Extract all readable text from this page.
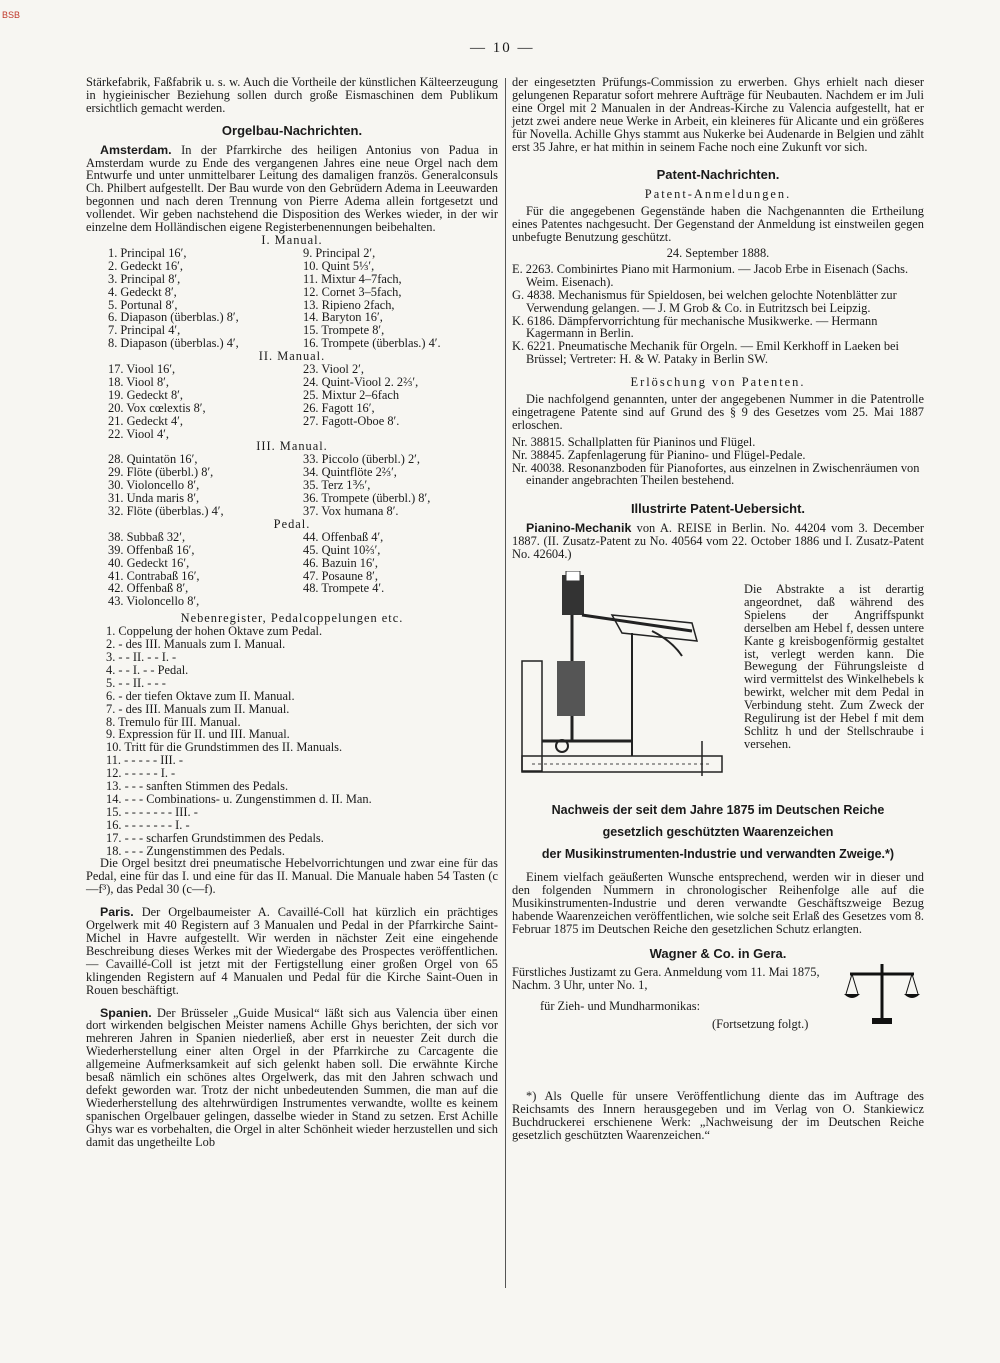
BSB
— 10 —

Stärkefabrik, Faßfabrik u. s. w. Auch die Vortheile der künstlichen Kälteerzeugung in hygieinischer Beziehung sollen durch große Eismaschinen dem Publikum ersichtlich gemacht werden.

Orgelbau-Nachrichten.

Amsterdam. In der Pfarrkirche des heiligen Antonius von Padua in Amsterdam wurde zu Ende des vergangenen Jahres eine neue Orgel nach dem Entwurfe und unter unmittelbarer Leitung des damaligen französ. Generalconsuls Ch. Philbert aufgestellt. Der Bau wurde von den Gebrüdern Adema in Leeuwarden begonnen und nach deren Trennung von Pierre Adema allein fortgesetzt und vollendet. Wir geben nachstehend die Disposition des Werkes wieder, in der wir einzelne dem Holländischen eigene Registerbenennungen beibehalten.

I. Manual.
1. Principal 16′,	9. Principal 2′,
2. Gedeckt 16′,	10. Quint 5⅓′,
3. Principal 8′,	11. Mixtur 4–7fach,
4. Gedeckt 8′,	12. Cornet 3–5fach,
5. Portunal 8′,	13. Ripieno 2fach,
6. Diapason (überblas.) 8′,	14. Baryton 16′,
7. Principal 4′,	15. Trompete 8′,
8. Diapason (überblas.) 4′,	16. Trompete (überblas.) 4′.
II. Manual.
17. Viool 16′,	23. Viool 2′,
18. Viool 8′,	24. Quint-Viool 2. 2⅔′,
19. Gedeckt 8′,	25. Mixtur 2–6fach
20. Vox cœlextis 8′,	26. Fagott 16′,
21. Gedeckt 4′,	27. Fagott-Oboe 8′.
22. Viool 4′,
III. Manual.
28. Quintatön 16′,	33. Piccolo (überbl.) 2′,
29. Flöte (überbl.) 8′,	34. Quintflöte 2⅔′,
30. Violoncello 8′,	35. Terz 1⅗′,
31. Unda maris 8′,	36. Trompete (überbl.) 8′,
32. Flöte (überblas.) 4′,	37. Vox humana 8′.
Pedal.
38. Subbaß 32′,	44. Offenbaß 4′,
39. Offenbaß 16′,	45. Quint 10⅔′,
40. Gedeckt 16′,	46. Bazuin 16′,
41. Contrabaß 16′,	47. Posaune 8′,
42. Offenbaß 8′,	48. Trompete 4′.
43. Violoncello 8′,
Nebenregister, Pedalcoppelungen etc.
1. Coppelung der hohen Oktave zum Pedal.
2. - des III. Manuals zum I. Manual.
3. - - II. - - I. -
4. - - I. - - Pedal.
5. - - II. - - -
6. - der tiefen Oktave zum II. Manual.
7. - des III. Manuals zum II. Manual.
8. Tremulo für III. Manual.
9. Expression für II. und III. Manual.
10. Tritt für die Grundstimmen des II. Manuals.
11. - - - - - III. -
12. - - - - - I. -
13. - - - sanften Stimmen des Pedals.
14. - - - Combinations- u. Zungenstimmen d. II. Man.
15. - - - - - - - III. -
16. - - - - - - - I. -
17. - - - scharfen Grundstimmen des Pedals.
18. - - - Zungenstimmen des Pedals.

Die Orgel besitzt drei pneumatische Hebelvorrichtungen und zwar eine für das Pedal, eine für das I. und eine für das II. Manual. Die Manuale haben 54 Tasten (c—f³), das Pedal 30 (c—f).

Paris. Der Orgelbaumeister A. Cavaillé-Coll hat kürzlich ein prächtiges Orgelwerk mit 40 Registern auf 3 Manualen und Pedal in der Pfarrkirche Saint-Michel in Havre aufgestellt. Wir werden in nächster Zeit eine eingehende Beschreibung dieses Werkes mit der Wiedergabe des Prospectes veröffentlichen. — Cavaillé-Coll ist jetzt mit der Fertigstellung einer großen Orgel von 65 klingenden Registern auf 4 Manualen und Pedal für die Kirche Saint-Ouen in Rouen beschäftigt.

Spanien. Der Brüsseler „Guide Musical“ läßt sich aus Valencia über einen dort wirkenden belgischen Meister namens Achille Ghys berichten, der sich vor mehreren Jahren in Spanien niederließ, aber erst in neuester Zeit durch die Wiederherstellung einer alten Orgel in der Pfarrkirche zu Carcagente die allgemeine Aufmerksamkeit auf sich gelenkt haben soll. Die erwähnte Kirche besaß nämlich ein schönes altes Orgelwerk, das mit den Jahren schwach und defekt geworden war. Trotz der nicht unbedeutenden Summen, die man auf die Wiederherstellung des altehrwürdigen Instrumentes verwandte, wollte es keinem spanischen Orgelbauer gelingen, dasselbe wieder in Stand zu setzen. Erst Achille Ghys war es vorbehalten, die Orgel in alter Schönheit wieder herzustellen und sich damit das ungetheilte Lob

der eingesetzten Prüfungs-Commission zu erwerben. Ghys erhielt nach dieser gelungenen Reparatur sofort mehrere Aufträge für Neubauten. Nachdem er im Juli eine Orgel mit 2 Manualen in der Andreas-Kirche zu Valencia aufgestellt, hat er jetzt zwei andere neue Werke in Arbeit, ein kleineres für Alicante und ein größeres für Novella. Achille Ghys stammt aus Nukerke bei Audenarde in Belgien und zählt erst 35 Jahre, er hat mithin in seinem Fache noch eine Zukunft vor sich.

Patent-Nachrichten.
Patent-Anmeldungen.

Für die angegebenen Gegenstände haben die Nachgenannten die Ertheilung eines Patentes nachgesucht. Der Gegenstand der Anmeldung ist einstweilen gegen unbefugte Benutzung geschützt.

24. September 1888.
E. 2263. Combinirtes Piano mit Harmonium. — Jacob Erbe in Eisenach (Sachs. Weim. Eisenach).
G. 4838. Mechanismus für Spieldosen, bei welchen gelochte Notenblätter zur Verwendung gelangen. — J. M Grob & Co. in Eutritzsch bei Leipzig.
K. 6186. Dämpfervorrichtung für mechanische Musikwerke. — Hermann Kagermann in Berlin.
K. 6221. Pneumatische Mechanik für Orgeln. — Emil Kerkhoff in Laeken bei Brüssel; Vertreter: H. & W. Pataky in Berlin SW.
Erlöschung von Patenten.

Die nachfolgend genannten, unter der angegebenen Nummer in die Patentrolle eingetragene Patente sind auf Grund des § 9 des Gesetzes vom 25. Mai 1887 erloschen.

Nr. 38815. Schallplatten für Pianinos und Flügel.
Nr. 38845. Zapfenlagerung für Pianino- und Flügel-Pedale.
Nr. 40038. Resonanzboden für Pianofortes, aus einzelnen in Zwischenräumen von einander angebrachten Theilen bestehend.
Illustrirte Patent-Uebersicht.

Pianino-Mechanik von A. REISE in Berlin. No. 44204 vom 3. December 1887. (II. Zusatz-Patent zu No. 40564 vom 22. October 1886 und I. Zusatz-Patent No. 42604.)

Die Abstrakte a ist derartig angeordnet, daß während des Spielens der Angriffspunkt derselben am Hebel f, dessen untere Kante g kreisbogenförmig gestaltet ist, verlegt werden kann. Die Bewegung der Führungsleiste d wird vermittelst des Winkelhebels k bewirkt, welcher mit dem Pedal in Verbindung steht. Zum Zweck der Regulirung ist der Hebel f mit dem Schlitz h und der Stellschraube i versehen.
Nachweis der seit dem Jahre 1875 im Deutschen Reiche
gesetzlich geschützten Waarenzeichen
der Musikinstrumenten-Industrie und verwandten Zweige.*)

Einem vielfach geäußerten Wunsche entsprechend, werden wir in dieser und den folgenden Nummern in chronologischer Reihenfolge alle auf die Musikinstrumenten-Industrie und deren verwandte Geschäftszweige Bezug habende Waarenzeichen veröffentlichen, wie solche seit Erlaß des Gesetzes vom 8. Februar 1875 im Deutschen Reiche den gesetzlichen Schutz erlangten.

Wagner & Co. in Gera.
Fürstliches Justizamt zu Gera. Anmeldung vom 11. Mai 1875, Nachm. 3 Uhr, unter No. 1,
für Zieh- und Mundharmonikas:
(Fortsetzung folgt.)

*) Als Quelle für unsere Veröffentlichung diente das im Auftrage des Reichsamts des Innern herausgegeben und im Verlag von O. Stankiewicz Buchdruckerei erschienene Werk: „Nachweisung der im Deutschen Reiche gesetzlich geschützten Waarenzeichen.“
